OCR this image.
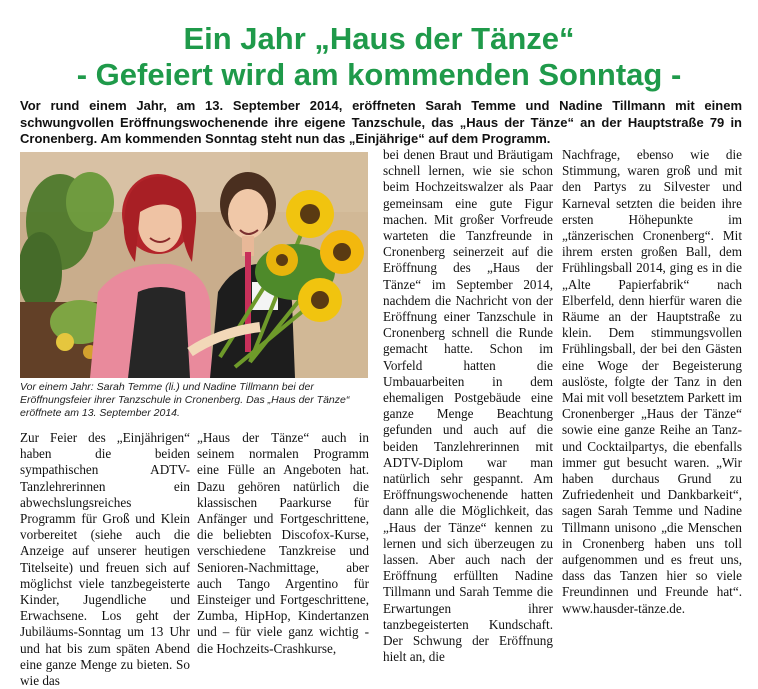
Ein Jahr „Haus der Tänze“
- Gefeiert wird am kommenden Sonntag -
Vor rund einem Jahr, am 13. September 2014, eröffneten Sarah Temme und Nadine Tillmann mit einem schwungvollen Eröffnungswochenende ihre eigene Tanzschule, das „Haus der Tänze“ an der Hauptstraße 79 in Cronenberg. Am kommenden Sonntag steht nun das „Einjährige“ auf dem Programm.
Vor einem Jahr: Sarah Temme (li.) und Nadine Tillmann bei der Eröffnungsfeier ihrer Tanzschule in Cronenberg. Das „Haus der Tänze“ eröffnete am 13. September 2014.

Zur Feier des „Einjährigen“ haben die beiden sympathischen ADTV-Tanzlehrerinnen ein abwechslungsreiches Programm für Groß und Klein vorbereitet (siehe auch die Anzeige auf unserer heutigen Titelseite) und freuen sich auf möglichst viele tanzbegeisterte Kinder, Jugendliche und Erwachsene. Los geht der Jubiläums-Sonntag um 13 Uhr und hat bis zum späten Abend eine ganze Menge zu bieten. So wie das

„Haus der Tänze“ auch in seinem normalen Programm eine Fülle an Angeboten hat. Dazu gehören natürlich die klassischen Paarkurse für Anfänger und Fortgeschrittene, die beliebten Discofox-Kurse, verschiedene Tanzkreise und Senioren-Nachmittage, aber auch Tango Argentino für Einsteiger und Fortgeschrittene, Zumba, HipHop, Kindertanzen und – für viele ganz wichtig - die Hochzeits-Crashkurse,

bei denen Braut und Bräutigam schnell lernen, wie sie schon beim Hochzeitswalzer als Paar gemeinsam eine gute Figur machen. Mit großer Vorfreude warteten die Tanzfreunde in Cronenberg seinerzeit auf die Eröffnung des „Haus der Tänze“ im September 2014, nachdem die Nachricht von der Eröffnung einer Tanzschule in Cronenberg schnell die Runde gemacht hatte. Schon im Vorfeld hatten die Umbauarbeiten in dem ehemaligen Postgebäude eine ganze Menge Beachtung gefunden und auch auf die beiden Tanzlehrerinnen mit ADTV-Diplom war man natürlich sehr gespannt. Am Eröffnungswochenende hatten dann alle die Möglichkeit, das „Haus der Tänze“ kennen zu lernen und sich überzeugen zu lassen. Aber auch nach der Eröffnung erfüllten Nadine Tillmann und Sarah Temme die Erwartungen ihrer tanzbegeisterten Kundschaft. Der Schwung der Eröffnung hielt an, die

Nachfrage, ebenso wie die Stimmung, waren groß und mit den Partys zu Silvester und Karneval setzten die beiden ihre ersten Höhepunkte im „tänzerischen Cronenberg“. Mit ihrem ersten großen Ball, dem Frühlingsball 2014, ging es in die „Alte Papierfabrik“ nach Elberfeld, denn hierfür waren die Räume an der Hauptstraße zu klein. Dem stimmungsvollen Frühlingsball, der bei den Gästen eine Woge der Begeisterung auslöste, folgte der Tanz in den Mai mit voll besetztem Parkett im Cronenberger „Haus der Tänze“ sowie eine ganze Reihe an Tanz- und Cocktailpartys, die ebenfalls immer gut besucht waren. „Wir haben durchaus Grund zu Zufriedenheit und Dankbarkeit“, sagen Sarah Temme und Nadine Tillmann unisono „die Menschen in Cronenberg haben uns toll aufgenommen und es freut uns, dass das Tanzen hier so viele Freundinnen und Freunde hat“. www.hausder-tänze.de.
